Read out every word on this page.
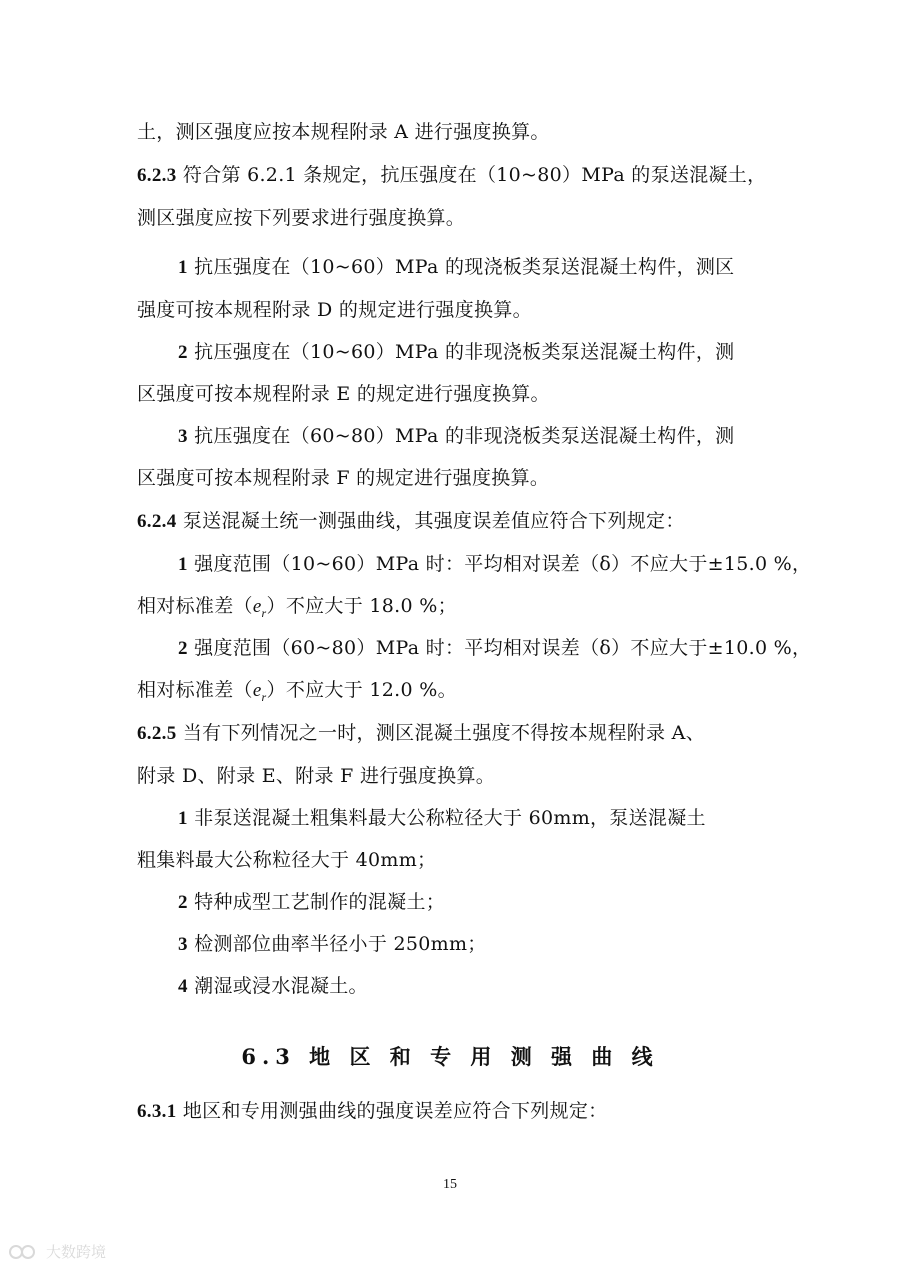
土，测区强度应按本规程附录 A 进行强度换算。
6.2.3 符合第 6.2.1 条规定，抗压强度在（10~80）MPa 的泵送混凝土，
测区强度应按下列要求进行强度换算。
1 抗压强度在（10~60）MPa 的现浇板类泵送混凝土构件，测区
强度可按本规程附录 D 的规定进行强度换算。
2 抗压强度在（10~60）MPa 的非现浇板类泵送混凝土构件，测
区强度可按本规程附录 E 的规定进行强度换算。
3 抗压强度在（60~80）MPa 的非现浇板类泵送混凝土构件，测
区强度可按本规程附录 F 的规定进行强度换算。
6.2.4 泵送混凝土统一测强曲线，其强度误差值应符合下列规定：
1 强度范围（10~60）MPa 时：平均相对误差（δ）不应大于±15.0 %，
相对标准差$(e_r)$不应大于 18.0 %；
2 强度范围（60~80）MPa 时：平均相对误差（δ）不应大于±10.0 %，
相对标准差$(e_r)$不应大于 12.0 %。
6.2.5 当有下列情况之一时，测区混凝土强度不得按本规程附录 A、
附录 D、附录 E、附录 F 进行强度换算。
1 非泵送混凝土粗集料最大公称粒径大于 60mm，泵送混凝土
粗集料最大公称粒径大于 40mm；
2 特种成型工艺制作的混凝土；
3 检测部位曲率半径小于 250mm；
4 潮湿或浸水混凝土。
6.3 地 区 和 专 用 测 强 曲 线
6.3.1 地区和专用测强曲线的强度误差应符合下列规定：
15
大数跨境
